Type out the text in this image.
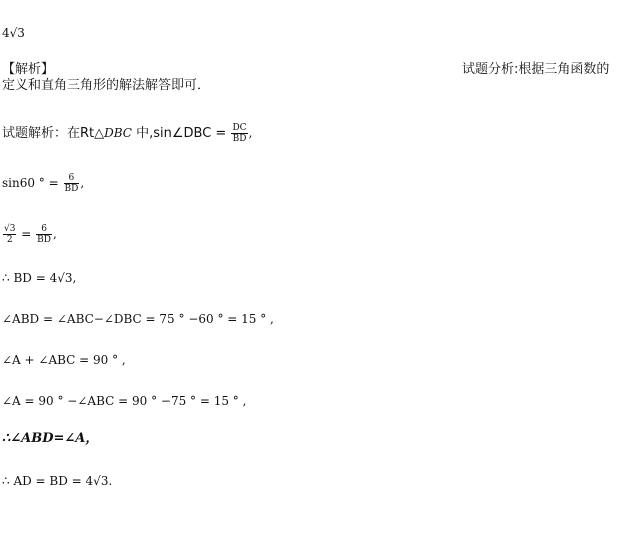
4√3
【解析】	试题分析:根据三角函数的
定义和直角三角形的解法解答即可．
试题解析：在Rt△DBC 中,sin∠DBC = $\frac{DC}{BD}$ ,
sin60 ° = $\frac{6}{BD}$ ,
$\frac{√3}{2} = \frac{6}{BD}$ ,
∴ BD = 4√3,
∠ABD = ∠ABC−∠DBC = 75 ° −60 ° = 15 ° ,
∠A + ∠ABC = 90 ° ,
∠A = 90 ° −∠ABC = 90 ° −75 ° = 15 ° ,
∴∠ABD=∠A，
∴ AD = BD = 4√3.
